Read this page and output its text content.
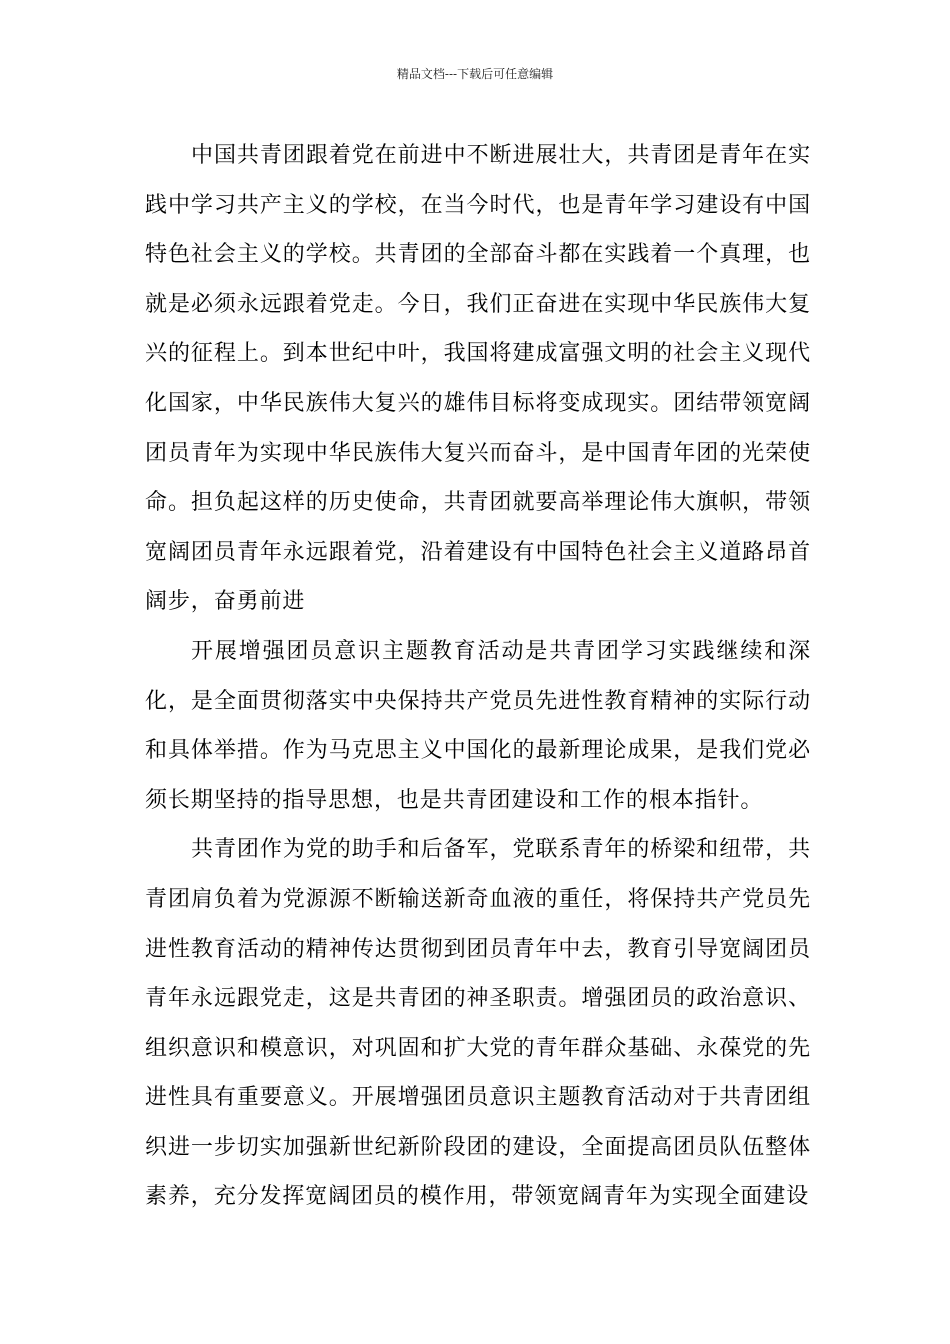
精品文档---下载后可任意编辑

中国共青团跟着党在前进中不断进展壮大，共青团是青年在实践中学习共产主义的学校，在当今时代，也是青年学习建设有中国特色社会主义的学校。共青团的全部奋斗都在实践着一个真理，也就是必须永远跟着党走。今日，我们正奋进在实现中华民族伟大复兴的征程上。到本世纪中叶，我国将建成富强文明的社会主义现代化国家，中华民族伟大复兴的雄伟目标将变成现实。团结带领宽阔团员青年为实现中华民族伟大复兴而奋斗，是中国青年团的光荣使命。担负起这样的历史使命，共青团就要高举理论伟大旗帜，带领宽阔团员青年永远跟着党，沿着建设有中国特色社会主义道路昂首阔步，奋勇前进

开展增强团员意识主题教育活动是共青团学习实践继续和深化，是全面贯彻落实中央保持共产党员先进性教育精神的实际行动和具体举措。作为马克思主义中国化的最新理论成果，是我们党必须长期坚持的指导思想，也是共青团建设和工作的根本指针。

共青团作为党的助手和后备军，党联系青年的桥梁和纽带，共青团肩负着为党源源不断输送新奇血液的重任，将保持共产党员先进性教育活动的精神传达贯彻到团员青年中去，教育引导宽阔团员青年永远跟党走，这是共青团的神圣职责。增强团员的政治意识、组织意识和模意识，对巩固和扩大党的青年群众基础、永葆党的先进性具有重要意义。开展增强团员意识主题教育活动对于共青团组织进一步切实加强新世纪新阶段团的建设，全面提高团员队伍整体素养，充分发挥宽阔团员的模作用，带领宽阔青年为实现全面建设
